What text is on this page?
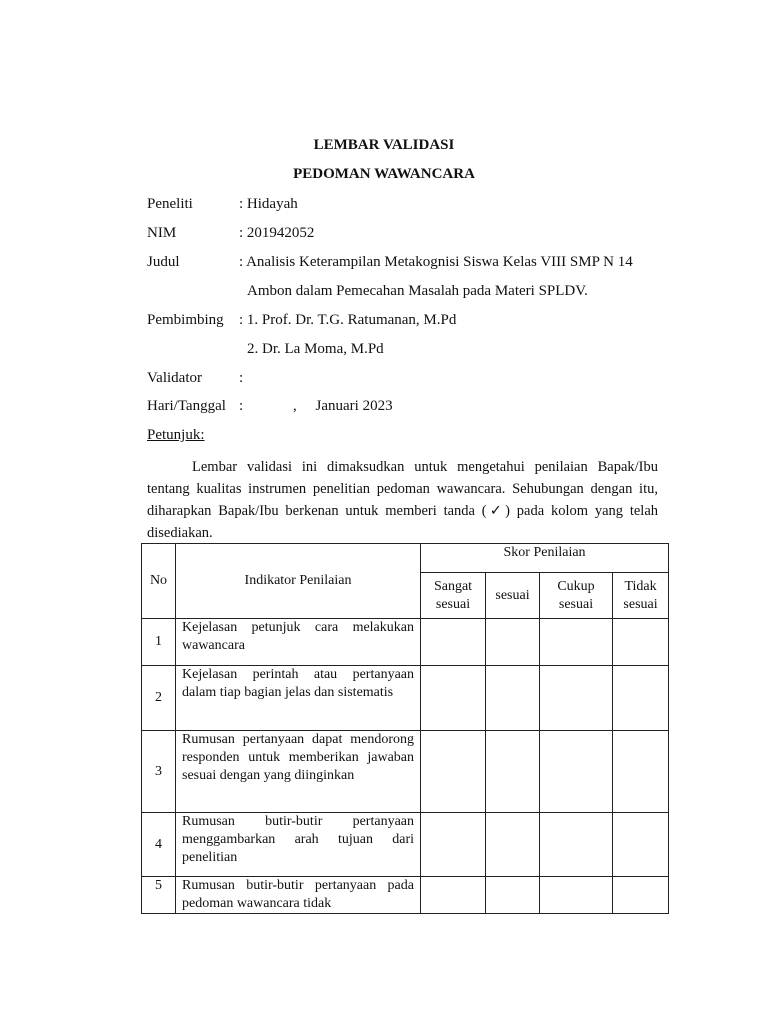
LEMBAR VALIDASI
PEDOMAN WAWANCARA
Peneliti	: Hidayah
NIM	: 201942052
Judul	: Analisis Keterampilan Metakognisi Siswa Kelas VIII SMP N 14
Ambon dalam Pemecahan Masalah pada Materi SPLDV.
Pembimbing : 1. Prof. Dr. T.G. Ratumanan, M.Pd
2. Dr. La Moma, M.Pd
Validator :
Hari/Tanggal :	,     Januari 2023
Petunjuk:
Lembar validasi ini dimaksudkan untuk mengetahui penilaian Bapak/Ibu tentang kualitas instrumen penelitian pedoman wawancara. Sehubungan dengan itu, diharapkan Bapak/Ibu berkenan untuk memberi tanda (✓) pada kolom yang telah disediakan.
No	Indikator Penilaian	Skor Penilaian			
		Sangat sesuai	sesuai	Cukup sesuai	Tidak sesuai
1	Kejelasan petunjuk cara melakukan wawancara				

2	Kejelasan perintah atau pertanyaan dalam tiap bagian jelas dan sistematis				

3	Rumusan pertanyaan dapat mendorong responden untuk memberikan jawaban sesuai dengan yang diinginkan				

4	Rumusan butir-butir pertanyaan menggambarkan arah tujuan dari penelitian				

5	Rumusan butir-butir pertanyaan pada pedoman wawancara tidak				
